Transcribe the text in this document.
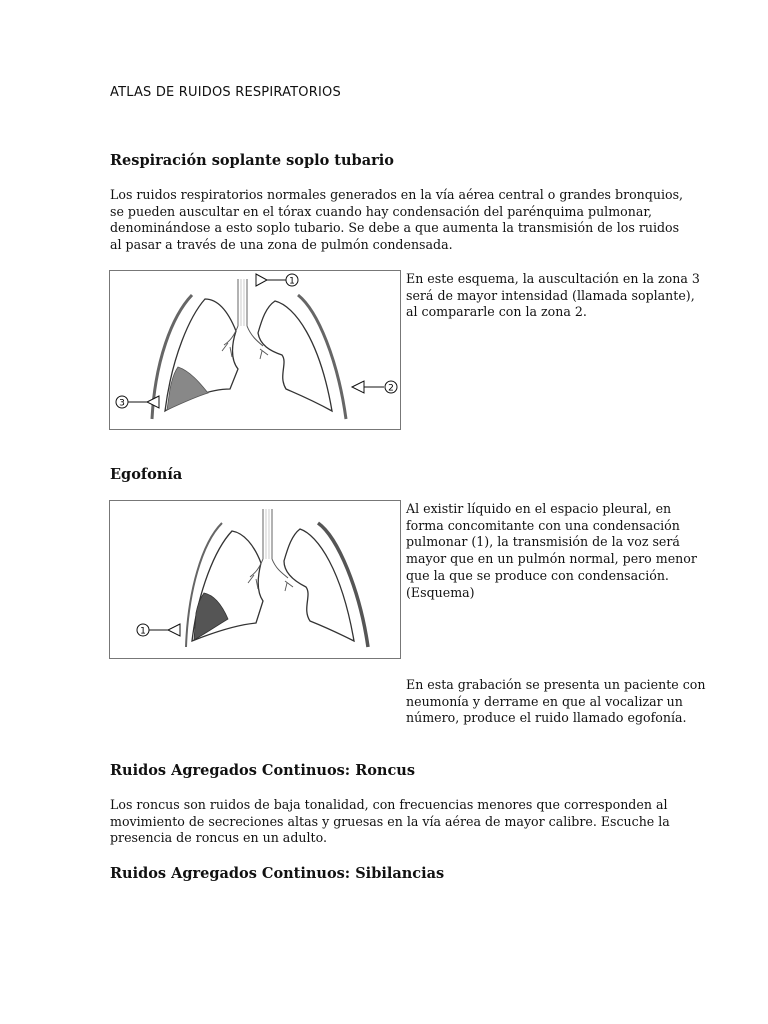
ATLAS DE RUIDOS RESPIRATORIOS
Respiración soplante soplo tubario

Los ruidos respiratorios normales generados en la vía aérea central o grandes bronquios,

se pueden auscultar en el tórax cuando hay condensación del parénquima pulmonar,

denominándose a esto soplo tubario. Se debe a que aumenta la transmisión de los ruidos

al pasar a través de una zona de pulmón condensada.

1
2
3

En este esquema, la auscultación en la zona 3

será de mayor intensidad (llamada soplante),

al compararle con la zona 2.

Egofonía
1

Al existir líquido en el espacio pleural, en

forma concomitante con una condensación

pulmonar (1), la transmisión de la voz será

mayor que en un pulmón normal, pero menor

que la que se produce con condensación.

(Esquema)

En esta grabación se presenta un paciente con

neumonía y derrame en que al vocalizar un

número, produce el ruido llamado egofonía.

Ruidos Agregados Continuos: Roncus

Los roncus son ruidos de baja tonalidad, con frecuencias menores que corresponden al

movimiento de secreciones altas y gruesas en la vía aérea de mayor calibre. Escuche la

presencia de roncus en un adulto.

Ruidos Agregados Continuos: Sibilancias
